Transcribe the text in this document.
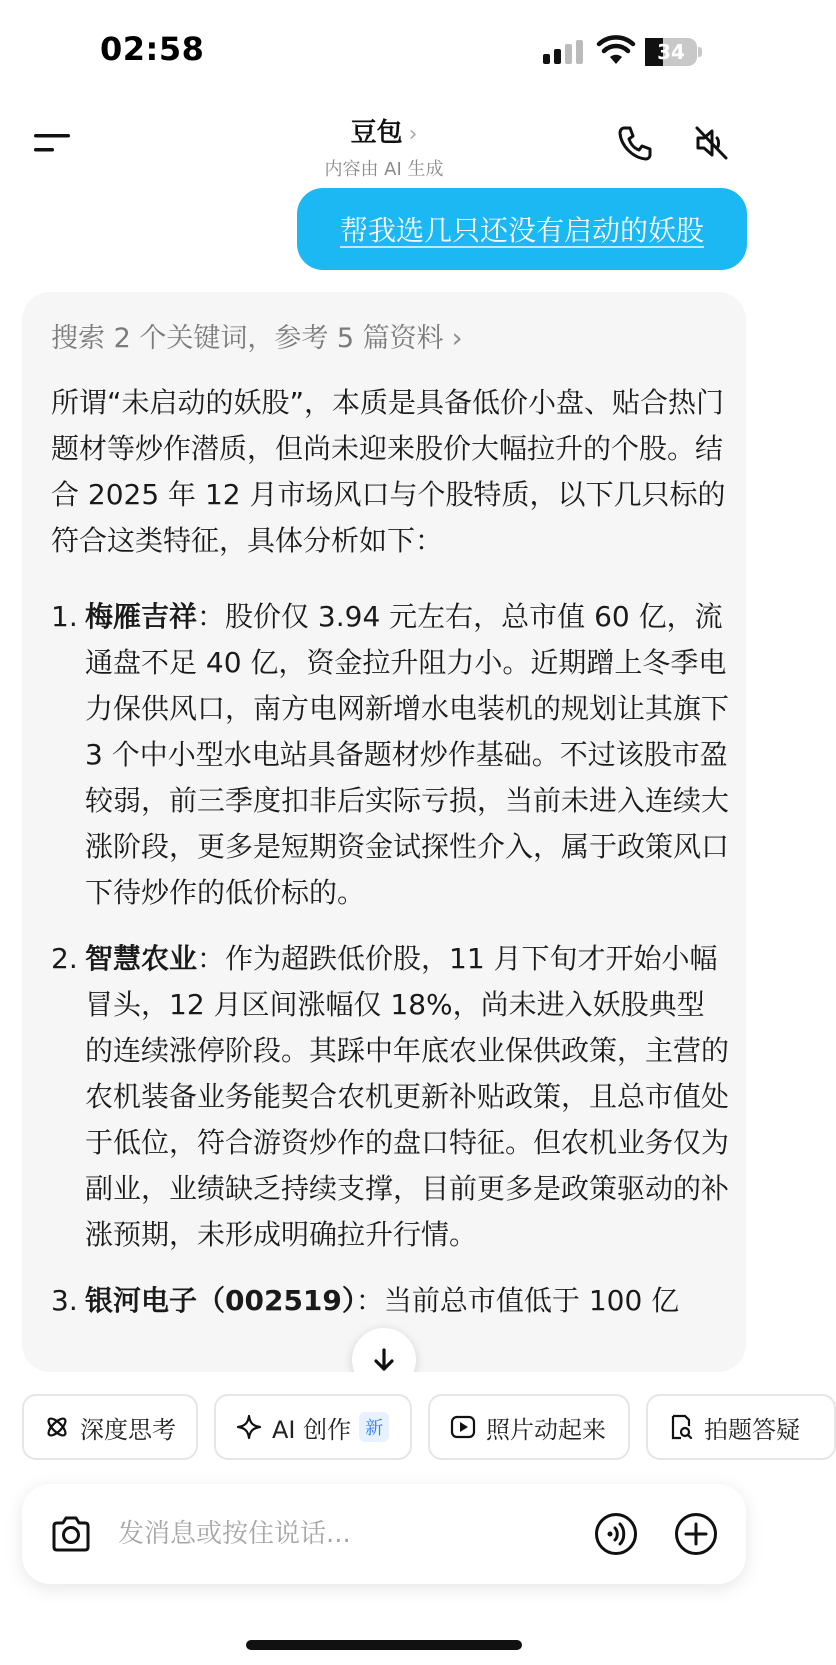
02:58	34
豆包 ›
内容由 AI 生成
帮我选几只还没有启动的妖股
搜索 2 个关键词，参考 5 篇资料 ›

所谓“未启动的妖股”，本质是具备低价小盘、贴合热门题材等炒作潜质，但尚未迎来股价大幅拉升的个股。结合 2025 年 12 月市场风口与个股特质，以下几只标的符合这类特征，具体分析如下：

1. 梅雁吉祥：股价仅 3.94 元左右，总市值 60 亿，流通盘不足 40 亿，资金拉升阻力小。近期蹭上冬季电力保供风口，南方电网新增水电装机的规划让其旗下 3 个中小型水电站具备题材炒作基础。不过该股市盈较弱，前三季度扣非后实际亏损，当前未进入连续大涨阶段，更多是短期资金试探性介入，属于政策风口下待炒作的低价标的。
2. 智慧农业：作为超跌低价股，11 月下旬才开始小幅冒头，12 月区间涨幅仅 18%，尚未进入妖股典型的连续涨停阶段。其踩中年底农业保供政策，主营的农机装备业务能契合农机更新补贴政策，且总市值处于低位，符合游资炒作的盘口特征。但农机业务仅为副业，业绩缺乏持续支撑，目前更多是政策驱动的补涨预期，未形成明确拉升行情。
3. 银河电子（002519）：当前总市值低于 100 亿
深度思考	AI 创作 新	照片动起来	拍题答疑
发消息或按住说话...
